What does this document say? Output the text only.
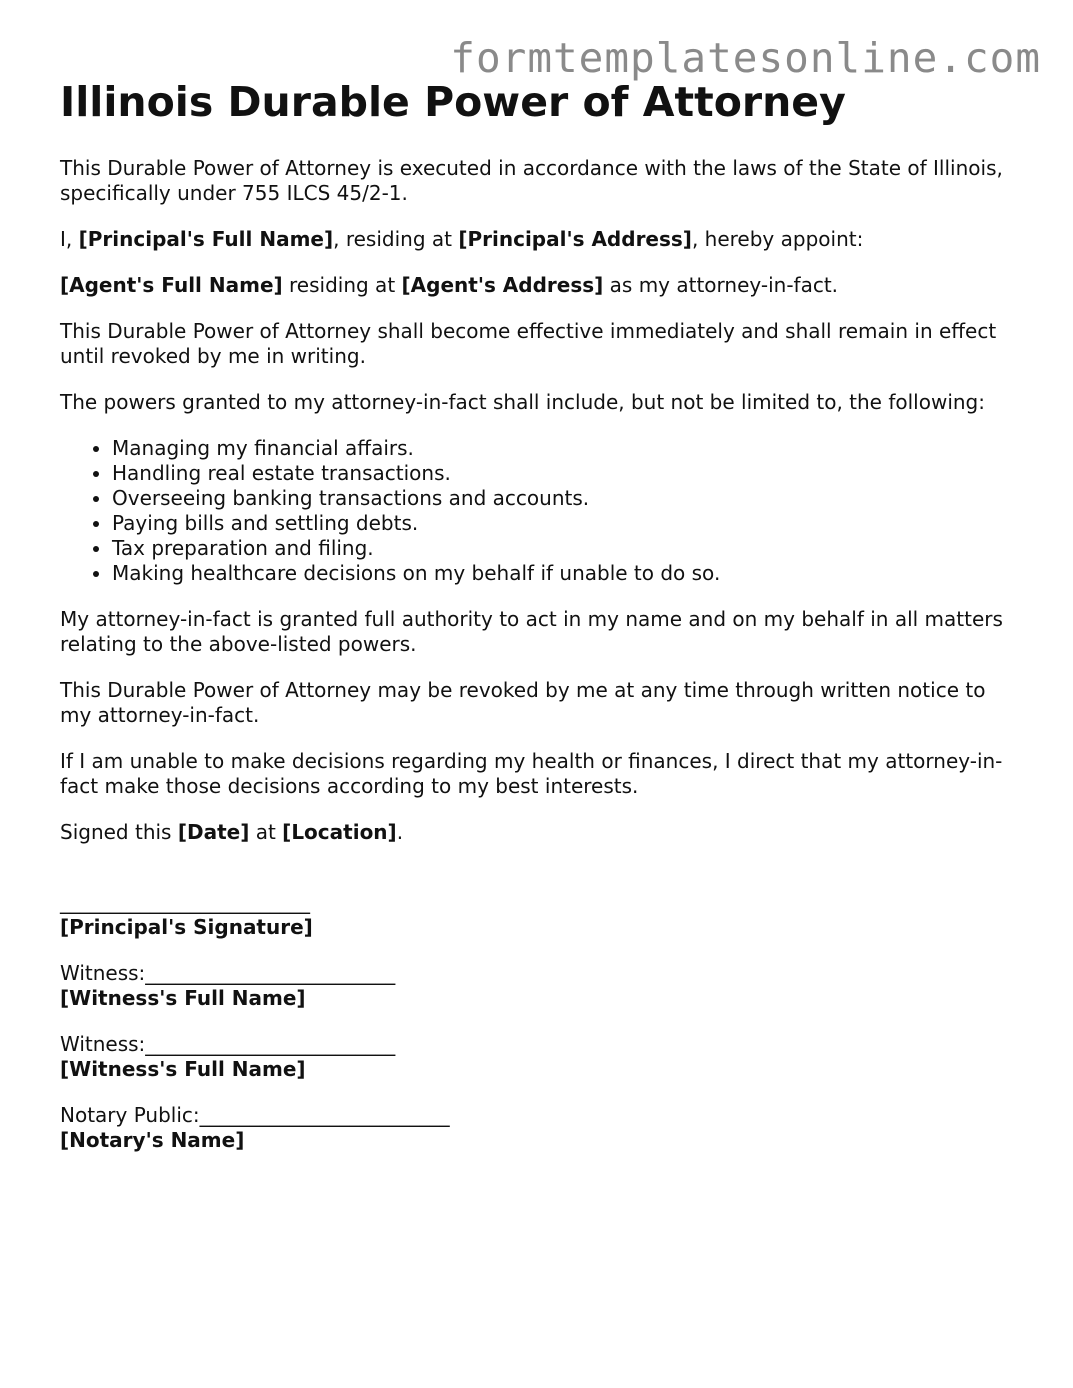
formtemplatesonline.com
Illinois Durable Power of Attorney

This Durable Power of Attorney is executed in accordance with the laws of the State of Illinois, specifically under 755 ILCS 45/2-1.

I, [Principal's Full Name], residing at [Principal's Address], hereby appoint:

[Agent's Full Name] residing at [Agent's Address] as my attorney-in-fact.

This Durable Power of Attorney shall become effective immediately and shall remain in effect until revoked by me in writing.

The powers granted to my attorney-in-fact shall include, but not be limited to, the following:

• Managing my financial affairs.
• Handling real estate transactions.
• Overseeing banking transactions and accounts.
• Paying bills and settling debts.
• Tax preparation and filing.
• Making healthcare decisions on my behalf if unable to do so.

My attorney-in-fact is granted full authority to act in my name and on my behalf in all matters relating to the above-listed powers.

This Durable Power of Attorney may be revoked by me at any time through written notice to my attorney-in-fact.

If I am unable to make decisions regarding my health or finances, I direct that my attorney-in-fact make those decisions according to my best interests.

Signed this [Date] at [Location].

_________________________
[Principal's Signature]
Witness:_________________________
[Witness's Full Name]
Witness:_________________________
[Witness's Full Name]
Notary Public:_________________________
[Notary's Name]
